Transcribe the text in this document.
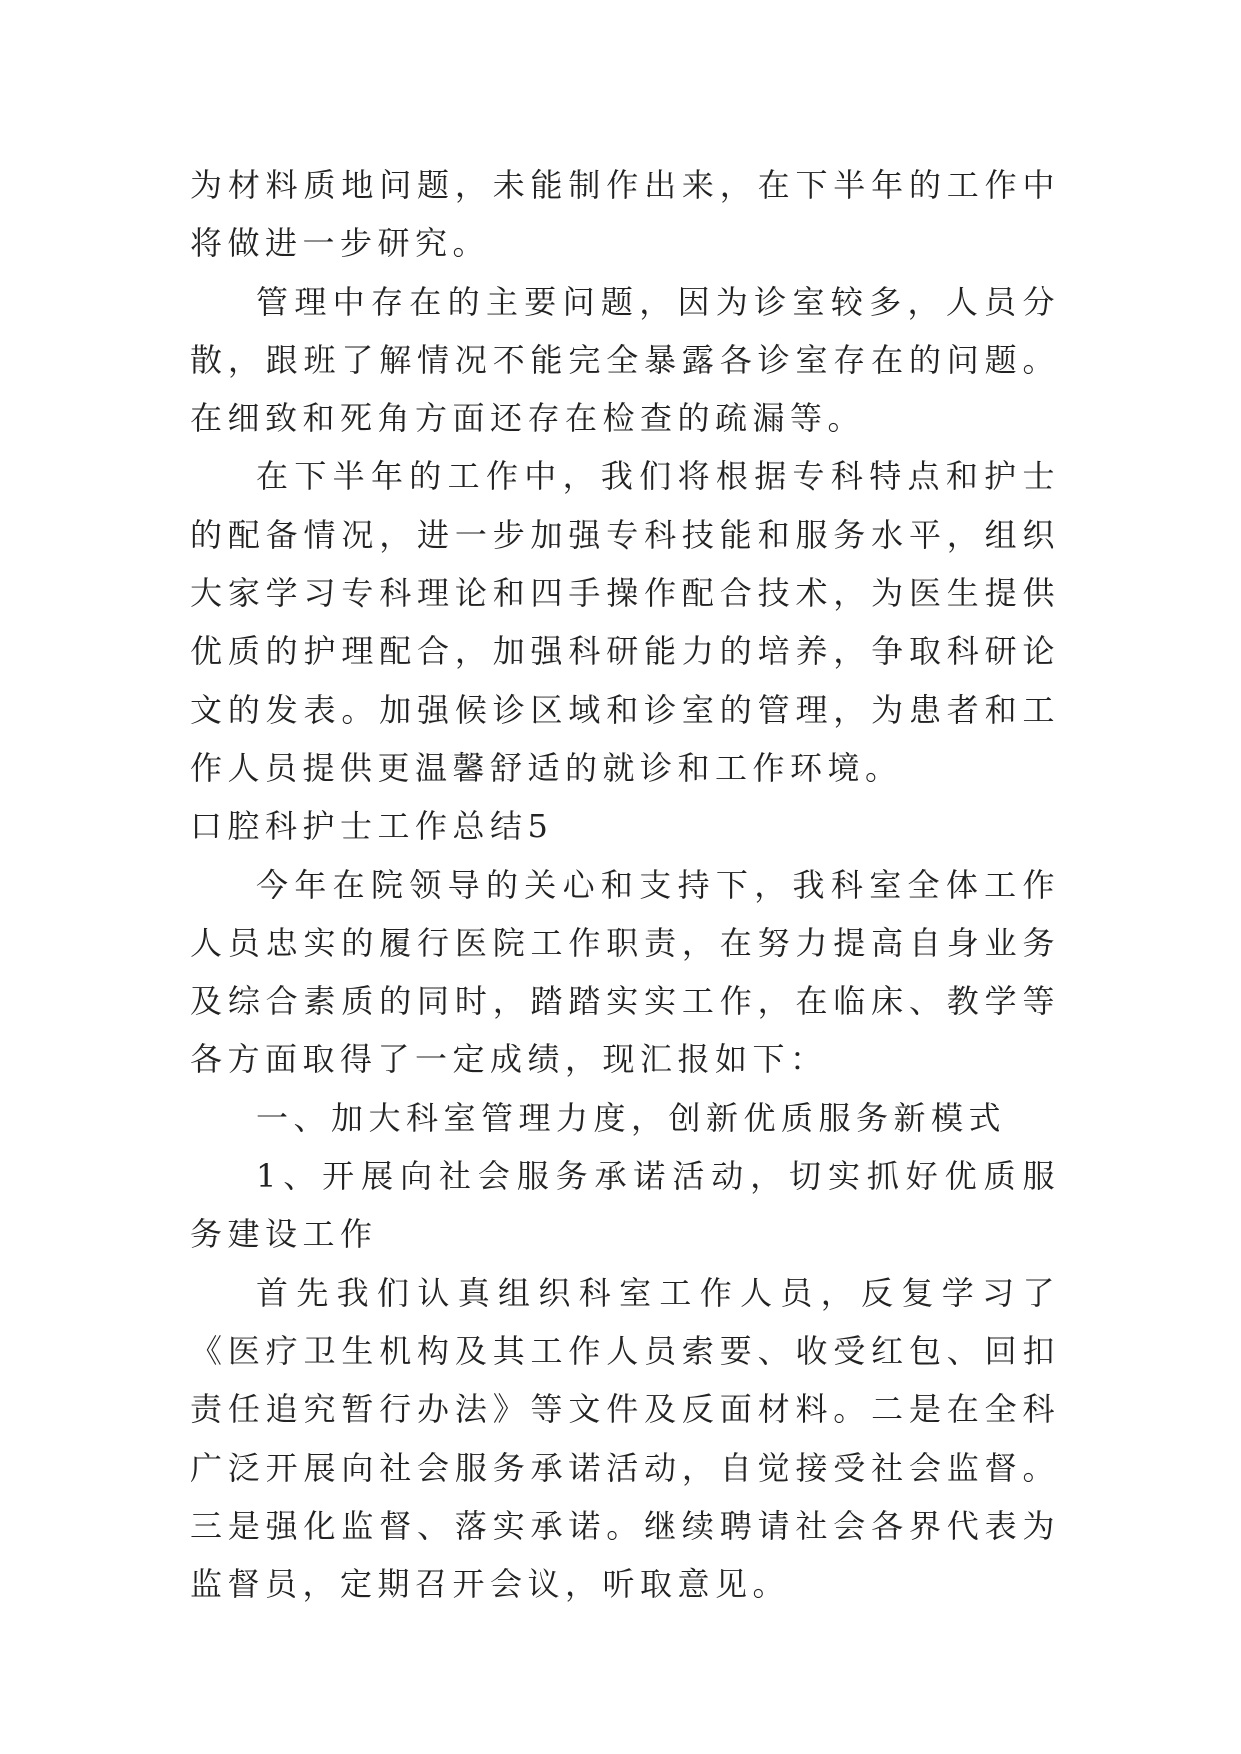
为材料质地问题，未能制作出来，在下半年的工作中将做进一步研究。

管理中存在的主要问题，因为诊室较多，人员分散，跟班了解情况不能完全暴露各诊室存在的问题。在细致和死角方面还存在检查的疏漏等。

在下半年的工作中，我们将根据专科特点和护士的配备情况，进一步加强专科技能和服务水平，组织大家学习专科理论和四手操作配合技术，为医生提供优质的护理配合，加强科研能力的培养，争取科研论文的发表。加强候诊区域和诊室的管理，为患者和工作人员提供更温馨舒适的就诊和工作环境。

口腔科护士工作总结5

今年在院领导的关心和支持下，我科室全体工作人员忠实的履行医院工作职责，在努力提高自身业务及综合素质的同时，踏踏实实工作，在临床、教学等各方面取得了一定成绩，现汇报如下：

一、加大科室管理力度，创新优质服务新模式

1、开展向社会服务承诺活动，切实抓好优质服务建设工作

首先我们认真组织科室工作人员，反复学习了《医疗卫生机构及其工作人员索要、收受红包、回扣责任追究暂行办法》等文件及反面材料。二是在全科广泛开展向社会服务承诺活动，自觉接受社会监督。三是强化监督、落实承诺。继续聘请社会各界代表为监督员，定期召开会议，听取意见。
